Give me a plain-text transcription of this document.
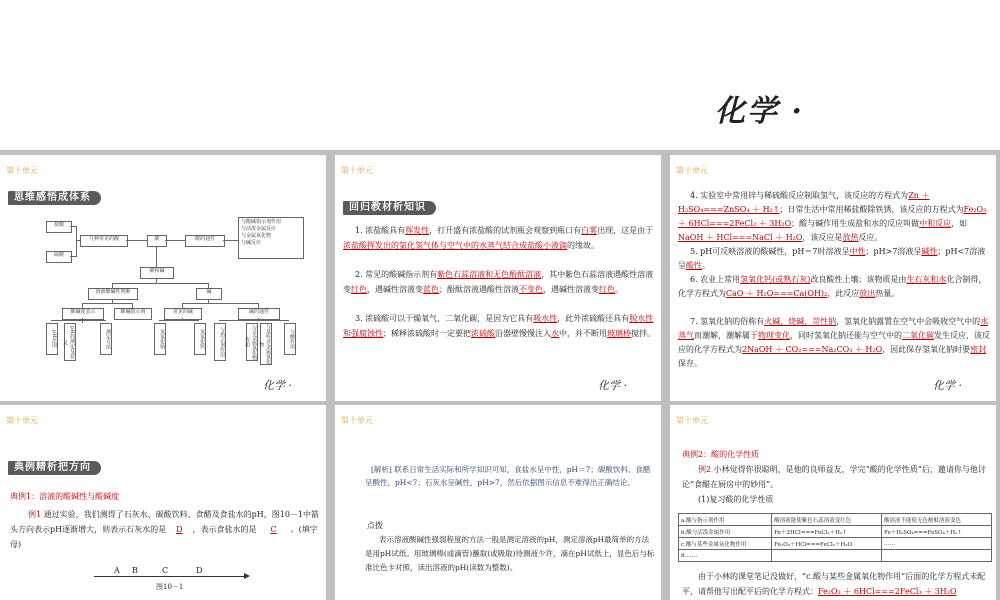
化学 ·
第十单元
思维感悟成体系
盐酸
硫酸
几种常见的酸	酸	酸的通性
与酸碱指示剂作用
与活泼金属反应
与金属氧化物
与碱反应
酸和碱
溶液酸碱性判断	碱
酸碱度表示	酸碱指示剂	常见的碱	碱的通性
pH范围	pH的测定及意义	测定方法	氢氧化钠	氢氧化钙	与指示剂作用	与非金属氧化物作用	与某些非金属氧化物	与酸作用
化学 ·
第十单元
回归教材析知识
1. 浓盐酸具有挥发性，打开盛有浓盐酸的试剂瓶会观察到瓶口有白雾出现，这是由于浓盐酸挥发出的氯化氢气体与空气中的水蒸气结合成盐酸小液滴的缘故。
2. 常见的酸碱指示剂有紫色石蕊溶液和无色酚酞溶液，其中紫色石蕊溶液遇酸性溶液变红色，遇碱性溶液变蓝色；酚酞溶液遇酸性溶液不变色，遇碱性溶液变红色。
3. 浓硫酸可以干燥氧气、二氧化碳，是因为它具有吸水性，此外浓硫酸还具有脱水性和强腐蚀性；稀释浓硫酸时一定要把浓硫酸沿器壁慢慢注入水中，并不断用玻璃棒搅拌。
化学 ·
第十单元
4. 实验室中常用锌与稀硫酸反应制取氢气，该反应的方程式为Zn ＋ H₂SO₄===ZnSO₄ ＋ H₂↑；日常生活中常用稀盐酸除铁锈，该反应的方程式为Fe₂O₃ ＋ 6HCl===2FeCl₃ ＋ 3H₂O；酸与碱作用生成盐和水的反应叫做中和反应，如NaOH ＋ HCl===NaCl ＋ H₂O，该反应是放热反应。
5. pH可反映溶液的酸碱性，pH＝7时溶液呈中性；pH>7溶液呈碱性；pH<7溶液呈酸性。
6. 农业上常用氢氧化钙(或熟石灰)改良酸性土壤；该物质是由生石灰和水化合制得，化学方程式为CaO ＋ H₂O===Ca(OH)₂，此反应放出热量。
7. 氢氧化钠的俗称有火碱、烧碱、苛性钠，氢氧化钠露置在空气中会吸收空气中的水蒸气而潮解，潮解属于物理变化，同时氢氧化钠还能与空气中的二氧化碳发生反应，该反应的化学方程式为2NaOH ＋ CO₂===Na₂CO₃ ＋ H₂O，因此保存氢氧化钠时要密封保存。
化学 ·
第十单元
典例精析把方向
典例1：溶液的酸碱性与酸碱度
例1 通过实验，我们测得了石灰水、碳酸饮料、食醋及食盐水的pH，图10－1中箭头方向表示pH逐渐增大，则表示石灰水的是 D ，表示食盐水的是 C 。(填字母)
A B	C	D
图10－1
第十单元
[解析] 联系日常生活实际和所学知识可知，食盐水呈中性，pH＝7；碳酸饮料、食醋呈酸性，pH<7；石灰水呈碱性，pH>7，然后依据图示信息不难得出正确结论。
点拨
表示溶液酸碱性强弱程度的方法一般是测定溶液的pH，测定溶液pH最简单的方法是用pH试纸。用玻璃棒(或滴管)蘸取(或吸取)待测液少许，滴在pH试纸上，显色后与标准比色卡对照，读出溶液的pH(读数为整数)。
第十单元
典例2：酸的化学性质
例2 小林觉得你很聪明，是他的良师益友，学完“酸的化学性质”后，邀请你与他讨论“食醋在厨房中的妙用”。
(1)复习酸的化学性质
a.酸与指示剂作用	酸溶液能使紫色石蕊溶液变红色	酸溶液不能使无色酚酞溶液变色
b.酸与活泼金属作用	Fe＋2HCl===FeCl₂＋H₂↑	Fe＋H₂SO₄===FeSO₄＋H₂↑
c.酸与某些金属氧化物作用	Fe₂O₃＋HCl===FeCl₃＋H₂O	……
d.……		
由于小林的课堂笔记没做好，“c.酸与某些金属氧化物作用”后面的化学方程式未配平，请帮他写出配平后的化学方程式：Fe₂O₃ ＋ 6HCl===2FeCl₃ ＋ 3H₂O
